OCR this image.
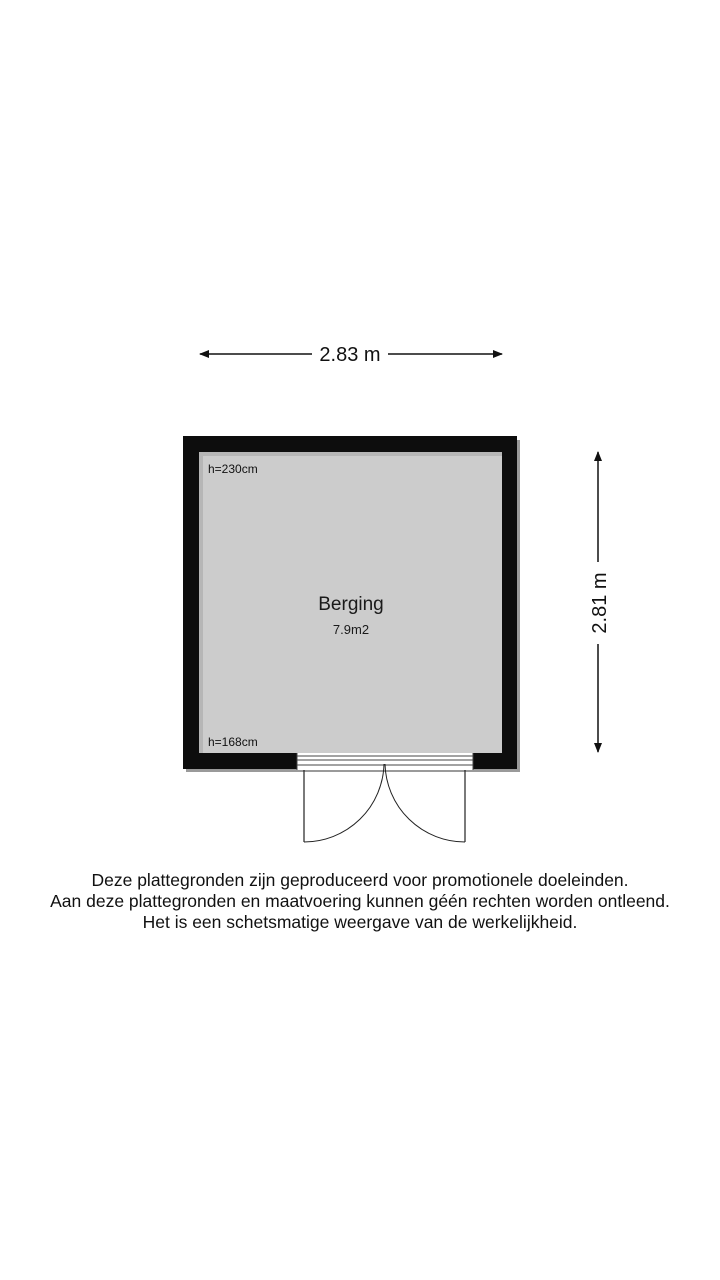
2.83 m
2.81 m
h=230cm
Berging
7.9m2
h=168cm
Deze plattegronden zijn geproduceerd voor promotionele doeleinden.
Aan deze plattegronden en maatvoering kunnen géén rechten worden ontleend.
Het is een schetsmatige weergave van de werkelijkheid.
